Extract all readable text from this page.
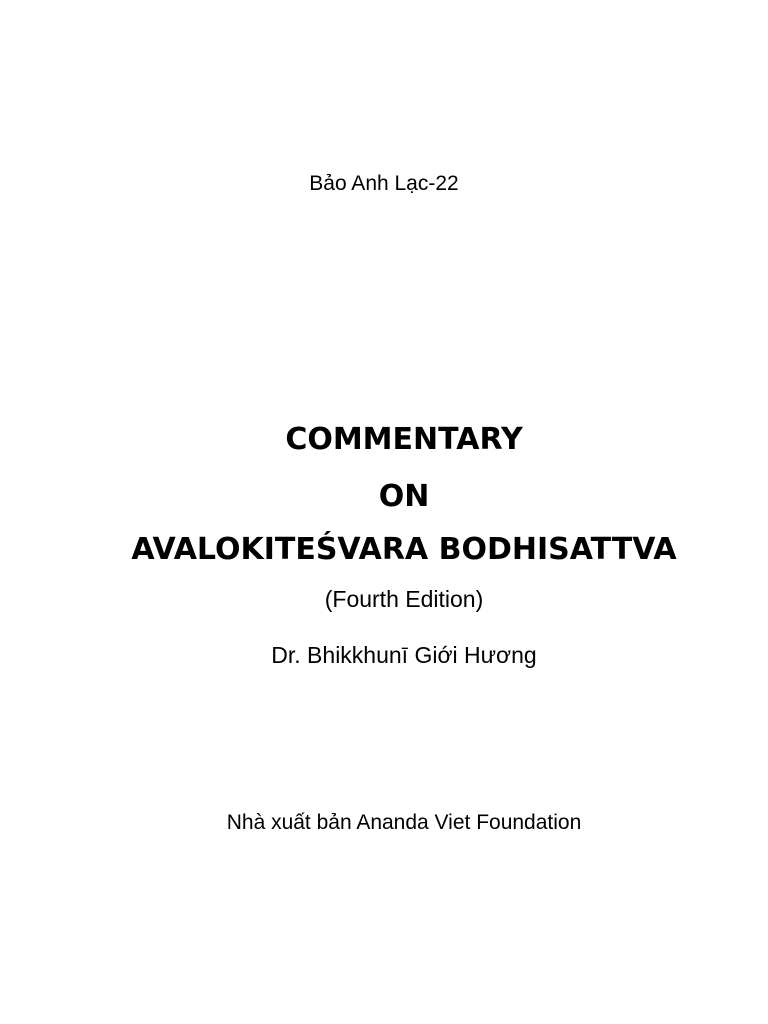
Bảo Anh Lạc-22
COMMENTARY
ON
AVALOKITEŚVARA BODHISATTVA
(Fourth Edition)
Dr. Bhikkhunī Giới Hương
Nhà xuất bản Ananda Viet Foundation
